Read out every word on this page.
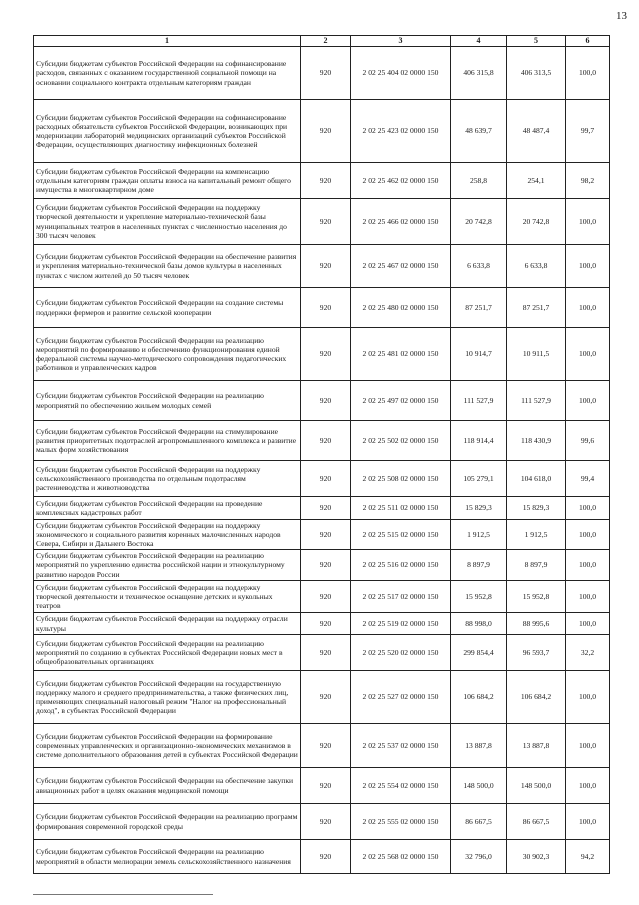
13
1	2	3	4	5	6
Субсидии бюджетам субъектов Российской Федерации на софинансирование расходов, связанных с оказанием государственной социальной помощи на основании социального контракта отдельным категориям граждан	920	2 02 25 404 02 0000 150	406 315,8	406 313,5	100,0
Субсидии бюджетам субъектов Российской Федерации на софинансирование расходных обязательств субъектов Российской Федерации, возникающих при модернизации лабораторий медицинских организаций субъектов Российской Федерации, осуществляющих диагностику инфекционных болезней	920	2 02 25 423 02 0000 150	48 639,7	48 487,4	99,7
Субсидии бюджетам субъектов Российской Федерации на компенсацию отдельным категориям граждан оплаты взноса на капитальный ремонт общего имущества в многоквартирном доме	920	2 02 25 462 02 0000 150	258,8	254,1	98,2
Субсидии бюджетам субъектов Российской Федерации на поддержку творческой деятельности и укрепление материально-технической базы муниципальных театров в населенных пунктах с численностью населения до 300 тысяч человек	920	2 02 25 466 02 0000 150	20 742,8	20 742,8	100,0
Субсидии бюджетам субъектов Российской Федерации на обеспечение развития и укрепления материально-технической базы домов культуры в населенных пунктах с числом жителей до 50 тысяч человек	920	2 02 25 467 02 0000 150	6 633,8	6 633,8	100,0
Субсидии бюджетам субъектов Российской Федерации на создание системы поддержки фермеров и развитие сельской кооперации	920	2 02 25 480 02 0000 150	87 251,7	87 251,7	100,0
Субсидии бюджетам субъектов Российской Федерации на реализацию мероприятий по формированию и обеспечению функционирования единой федеральной системы научно-методического сопровождения педагогических работников и управленческих кадров	920	2 02 25 481 02 0000 150	10 914,7	10 911,5	100,0
Субсидии бюджетам субъектов Российской Федерации на реализацию мероприятий по обеспечению жильем молодых семей	920	2 02 25 497 02 0000 150	111 527,9	111 527,9	100,0
Субсидии бюджетам субъектов Российской Федерации на стимулирование развития приоритетных подотраслей агропромышленного комплекса и развитие малых форм хозяйствования	920	2 02 25 502 02 0000 150	118 914,4	118 430,9	99,6
Субсидии бюджетам субъектов Российской Федерации на поддержку сельскохозяйственного производства по отдельным подотраслям растениеводства и животноводства	920	2 02 25 508 02 0000 150	105 279,1	104 618,0	99,4
Субсидии бюджетам субъектов Российской Федерации на проведение комплексных кадастровых работ	920	2 02 25 511 02 0000 150	15 829,3	15 829,3	100,0
Субсидии бюджетам субъектов Российской Федерации на поддержку экономического и социального развития коренных малочисленных народов Севера, Сибири и Дальнего Востока	920	2 02 25 515 02 0000 150	1 912,5	1 912,5	100,0
Субсидии бюджетам субъектов Российской Федерации на реализацию мероприятий по укреплению единства российской нации и этнокультурному развитию народов России	920	2 02 25 516 02 0000 150	8 897,9	8 897,9	100,0
Субсидии бюджетам субъектов Российской Федерации на поддержку творческой деятельности и техническое оснащение детских и кукольных театров	920	2 02 25 517 02 0000 150	15 952,8	15 952,8	100,0
Субсидии бюджетам субъектов Российской Федерации на поддержку отрасли культуры	920	2 02 25 519 02 0000 150	88 998,0	88 995,6	100,0
Субсидии бюджетам субъектов Российской Федерации на реализацию мероприятий по созданию в субъектах Российской Федерации новых мест в общеобразовательных организациях	920	2 02 25 520 02 0000 150	299 854,4	96 593,7	32,2
Субсидии бюджетам субъектов Российской Федерации на государственную поддержку малого и среднего предпринимательства, а также физических лиц, применяющих специальный налоговый режим "Налог на профессиональный доход", в субъектах Российской Федерации	920	2 02 25 527 02 0000 150	106 684,2	106 684,2	100,0
Субсидии бюджетам субъектов Российской Федерации на формирование современных управленческих и организационно-экономических механизмов в системе дополнительного образования детей в субъектах Российской Федерации	920	2 02 25 537 02 0000 150	13 887,8	13 887,8	100,0
Субсидии бюджетам субъектов Российской Федерации на обеспечение закупки авиационных работ в целях оказания медицинской помощи	920	2 02 25 554 02 0000 150	148 500,0	148 500,0	100,0
Субсидии бюджетам субъектов Российской Федерации на реализацию программ формирования современной городской среды	920	2 02 25 555 02 0000 150	86 667,5	86 667,5	100,0
Субсидии бюджетам субъектов Российской Федерации на реализацию мероприятий в области мелиорации земель сельскохозяйственного назначения	920	2 02 25 568 02 0000 150	32 796,0	30 902,3	94,2
